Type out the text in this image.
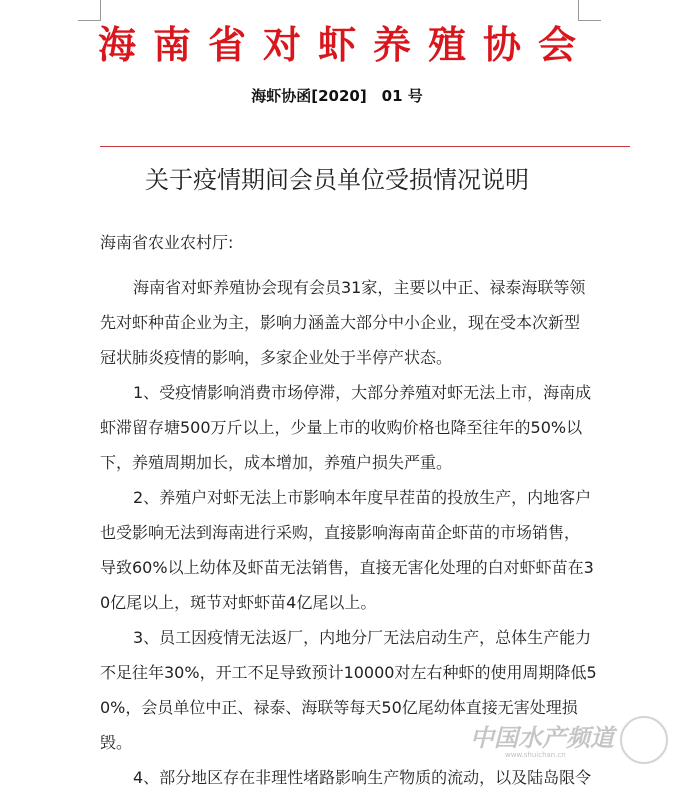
海南省对虾养殖协会
海虾协函[2020]　01 号
关于疫情期间会员单位受损情况说明
海南省农业农村厅:
海南省对虾养殖协会现有会员31家，主要以中正、禄泰海联等领
先对虾种苗企业为主，影响力涵盖大部分中小企业，现在受本次新型
冠状肺炎疫情的影响，多家企业处于半停产状态。
1、受疫情影响消费市场停滞，大部分养殖对虾无法上市，海南成
虾滞留存塘500万斤以上，少量上市的收购价格也降至往年的50%以
下，养殖周期加长，成本增加，养殖户损失严重。
2、养殖户对虾无法上市影响本年度早茬苗的投放生产，内地客户
也受影响无法到海南进行采购，直接影响海南苗企虾苗的市场销售，
导致60%以上幼体及虾苗无法销售，直接无害化处理的白对虾虾苗在3
0亿尾以上，斑节对虾虾苗4亿尾以上。
3、员工因疫情无法返厂，内地分厂无法启动生产，总体生产能力
不足往年30%，开工不足导致预计10000对左右种虾的使用周期降低5
0%，会员单位中正、禄泰、海联等每天50亿尾幼体直接无害处理损
毁。
4、部分地区存在非理性堵路影响生产物质的流动，以及陆岛限令
中国水产频道
www.shuichan.cn
